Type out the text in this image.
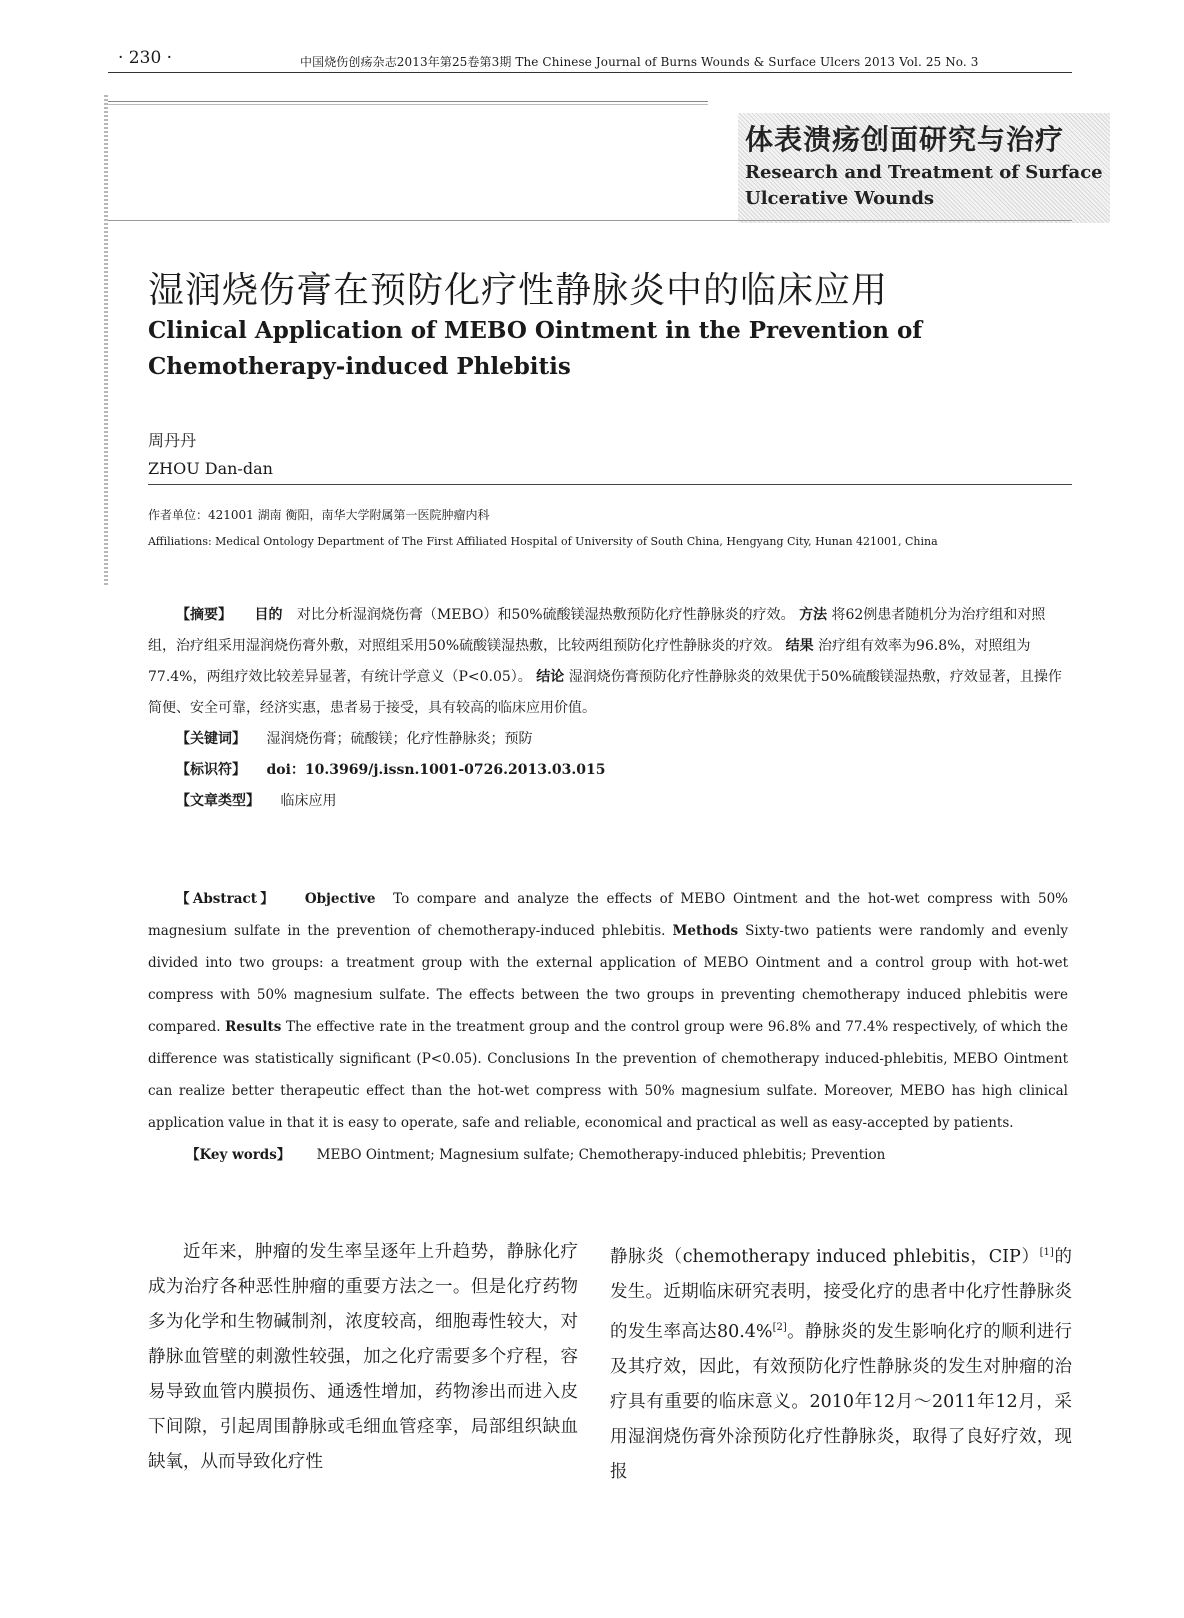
· 230 ·	中国烧伤创疡杂志2013年第25卷第3期 The Chinese Journal of Burns Wounds & Surface Ulcers 2013 Vol. 25 No. 3
体表溃疡创面研究与治疗
Research and Treatment of Surface Ulcerative Wounds
湿润烧伤膏在预防化疗性静脉炎中的临床应用
Clinical Application of MEBO Ointment in the Prevention of Chemotherapy-induced Phlebitis
周丹丹
ZHOU Dan-dan
作者单位：421001 湖南 衡阳，南华大学附属第一医院肿瘤内科
Affiliations: Medical Ontology Department of The First Affiliated Hospital of University of South China, Hengyang City, Hunan 421001, China

【摘要】 目的 对比分析湿润烧伤膏（MEBO）和50%硫酸镁湿热敷预防化疗性静脉炎的疗效。 方法 将62例患者随机分为治疗组和对照组，治疗组采用湿润烧伤膏外敷，对照组采用50%硫酸镁湿热敷，比较两组预防化疗性静脉炎的疗效。 结果 治疗组有效率为96.8%，对照组为77.4%，两组疗效比较差异显著，有统计学意义（P<0.05）。 结论 湿润烧伤膏预防化疗性静脉炎的效果优于50%硫酸镁湿热敷，疗效显著，且操作简便、安全可靠，经济实惠，患者易于接受，具有较高的临床应用价值。

【关键词】 湿润烧伤膏；硫酸镁；化疗性静脉炎；预防

【标识符】 doi：10.3969/j.issn.1001-0726.2013.03.015

【文章类型】 临床应用

【Abstract】 Objective To compare and analyze the effects of MEBO Ointment and the hot-wet compress with 50% magnesium sulfate in the prevention of chemotherapy-induced phlebitis. Methods Sixty-two patients were randomly and evenly divided into two groups: a treatment group with the external application of MEBO Ointment and a control group with hot-wet compress with 50% magnesium sulfate. The effects between the two groups in preventing chemotherapy induced phlebitis were compared. Results The effective rate in the treatment group and the control group were 96.8% and 77.4% respectively, of which the difference was statistically significant (P<0.05). Conclusions In the prevention of chemotherapy induced-phlebitis, MEBO Ointment can realize better therapeutic effect than the hot-wet compress with 50% magnesium sulfate. Moreover, MEBO has high clinical application value in that it is easy to operate, safe and reliable, economical and practical as well as easy-accepted by patients.

【Key words】 MEBO Ointment; Magnesium sulfate; Chemotherapy-induced phlebitis; Prevention

近年来，肿瘤的发生率呈逐年上升趋势，静脉化疗成为治疗各种恶性肿瘤的重要方法之一。但是化疗药物多为化学和生物碱制剂，浓度较高，细胞毒性较大，对静脉血管壁的刺激性较强，加之化疗需要多个疗程，容易导致血管内膜损伤、通透性增加，药物渗出而进入皮下间隙，引起周围静脉或毛细血管痉挛，局部组织缺血缺氧，从而导致化疗性

静脉炎（chemotherapy induced phlebitis，CIP）[1]的发生。近期临床研究表明，接受化疗的患者中化疗性静脉炎的发生率高达80.4%[2]。静脉炎的发生影响化疗的顺利进行及其疗效，因此，有效预防化疗性静脉炎的发生对肿瘤的治疗具有重要的临床意义。2010年12月～2011年12月，采用湿润烧伤膏外涂预防化疗性静脉炎，取得了良好疗效，现报
